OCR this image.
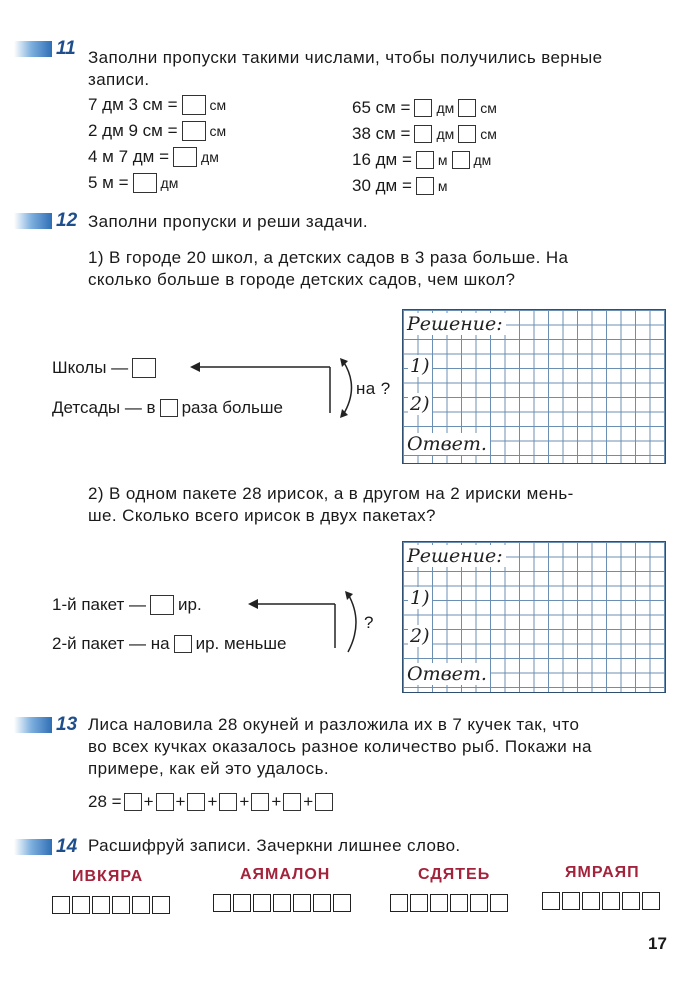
11 Заполни пропуски такими числами, чтобы получились верные
записи.
7 дм 3 см = см
2 дм 9 см = см
4 м 7 дм = дм
5 м = дм
65 см = дм см
38 см = дм см
16 дм = м дм
30 дм = м
12 Заполни пропуски и реши задачи.
1) В городе 20 школ, а детских садов в 3 раза больше. На
сколько больше в городе детских садов, чем школ?
Школы —
Детсады — в раза больше
на ?
Решение:
1)
2)
Ответ.
2) В одном пакете 28 ирисок, а в другом на 2 ириски мень-
ше. Сколько всего ирисок в двух пакетах?
1-й пакет — ир.
2-й пакет — на ир. меньше
?
Решение:
1)
2)
Ответ.
13 Лиса наловила 28 окуней и разложила их в 7 кучек так, что
во всех кучках оказалось разное количество рыб. Покажи на
примере, как ей это удалось.
28 = + + + + + +
14 Расшифруй записи. Зачеркни лишнее слово.
ИВКЯРА	АЯМАЛОН	СДЯТЕЬ	ЯМРАЯП
17
